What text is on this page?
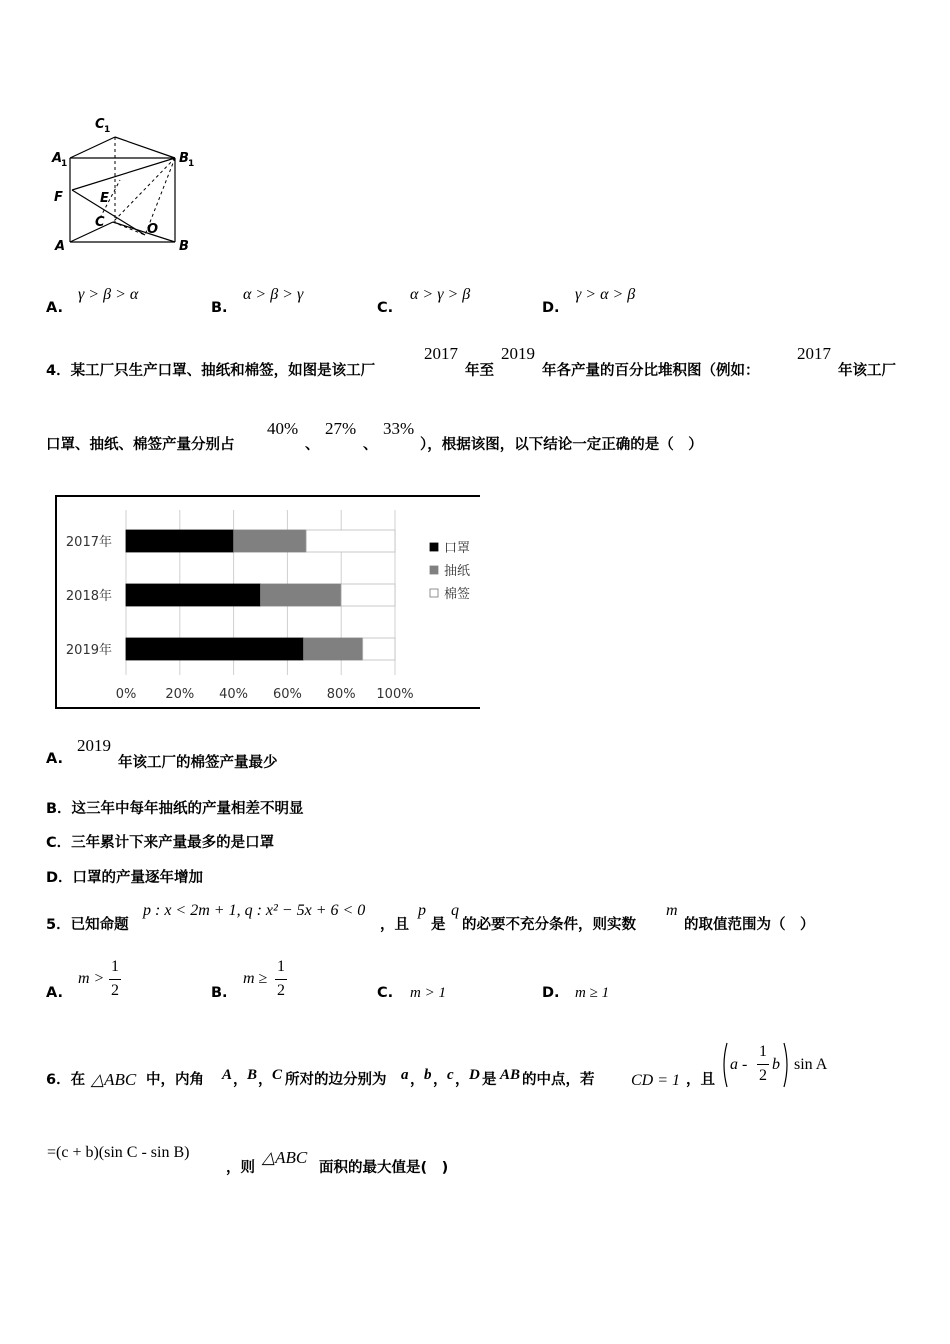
C 1
A
1	B 1
F	E
C	O
A	B
A.
γ > β > α
B.
α > β > γ
C.
α > γ > β
D.
γ > α > β
4．某工厂只生产口罩、抽纸和棉签，如图是该工厂
2017
年至
2019
年各产量的百分比堆积图（例如：
2017
年该工厂
口罩、抽纸、棉签产量分别占
40%
、
27%
、
33%
），根据该图，以下结论一定正确的是（　）
2017年
2018年
2019年
0% 20% 40% 60% 80% 100%
口罩
抽纸
棉签
A.
2019
年该工厂的棉签产量最少
B．这三年中每年抽纸的产量相差不明显
C．三年累计下来产量最多的是口罩
D．口罩的产量逐年增加
5．已知命题
p : x < 2m + 1, q : x² − 5x + 6 < 0
，且
p
是
q
的必要不充分条件，则实数
m
的取值范围为（　）
A.
m >
1
2	B.
m ≥
1
2	C. m > 1	D. m ≥ 1
6．在 △ABC 中，内角 A ， B ， C 所对的边分别为 a ， b ， c ， D 是 AB 的中点，若 CD = 1 ，且
a -
1
2
b sin A
=(c + b)(sin C - sin B)
，则
△ABC
面积的最大值是(　)
